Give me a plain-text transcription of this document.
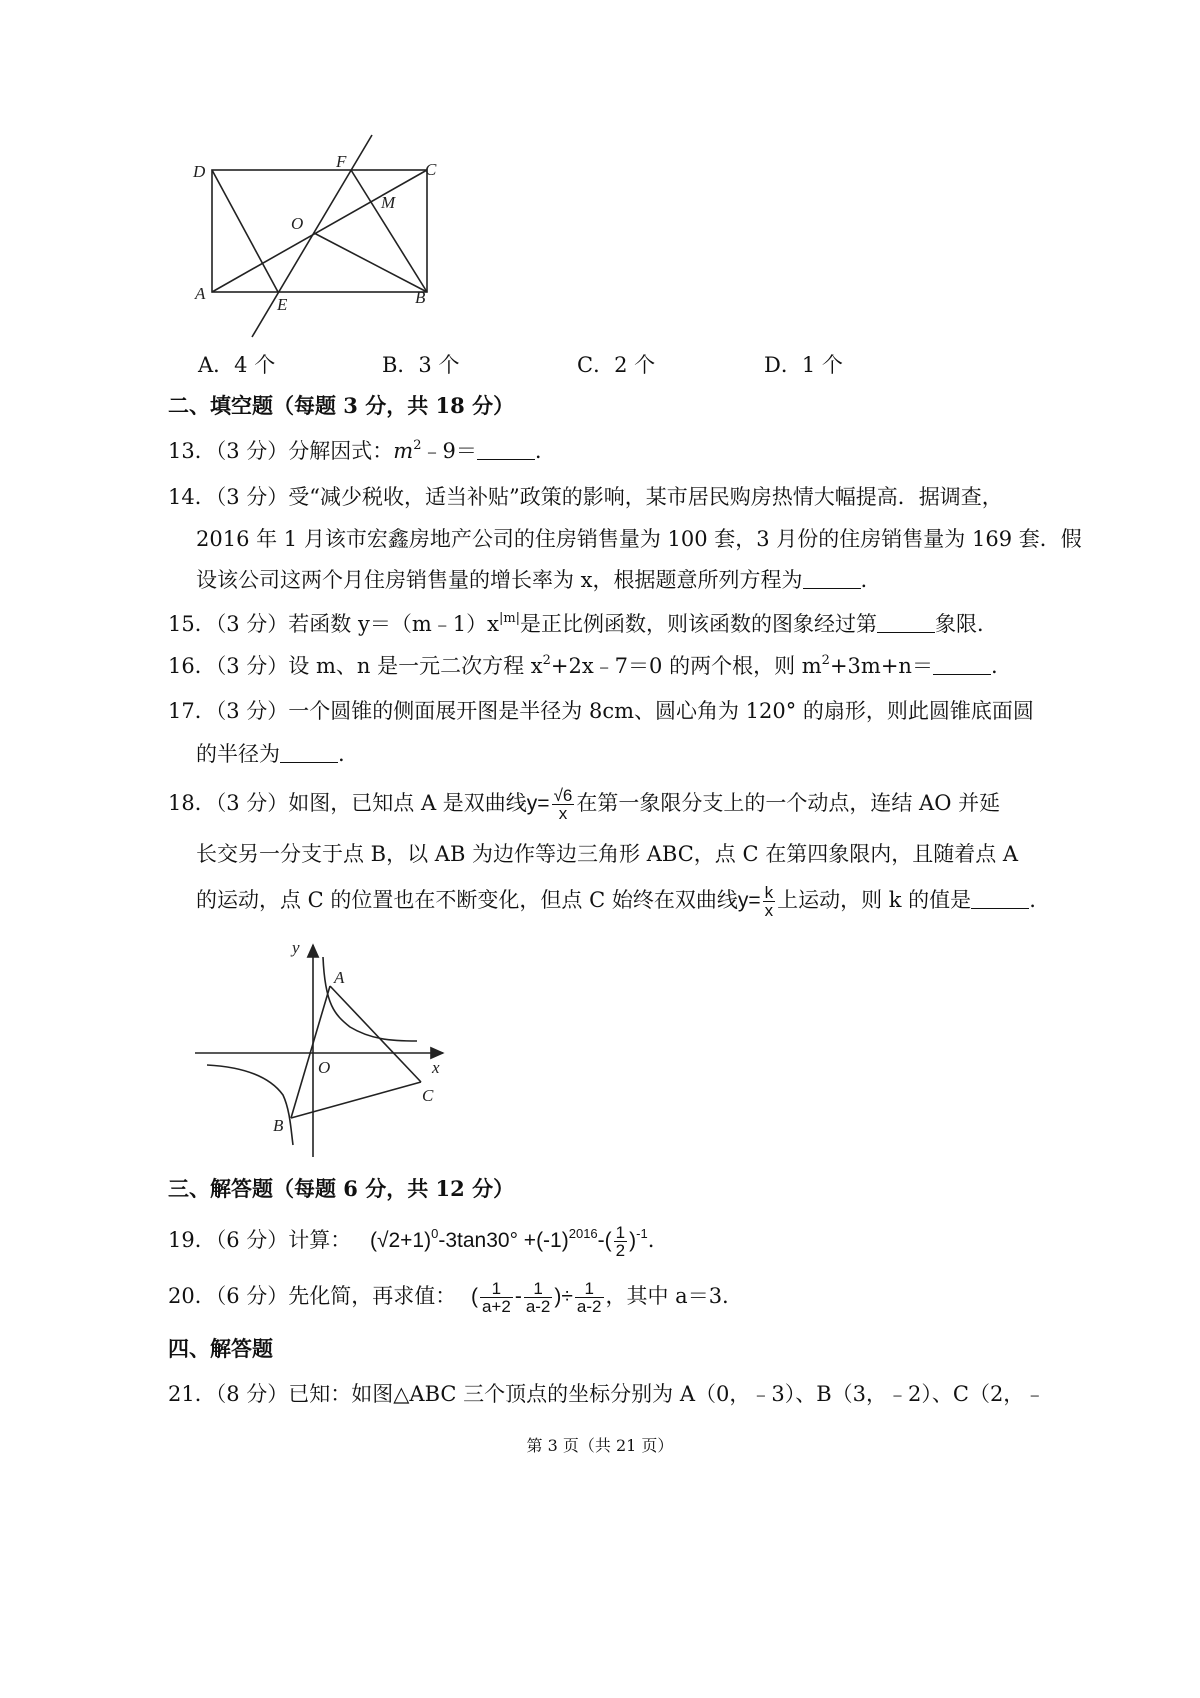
D
F	C
O
M
A
E	B
A．4 个	B．3 个	C．2 个	D．1 个
二、填空题（每题 3 分，共 18 分）
13．（3 分）分解因式：$m^2﹣9=$	.
14．（3 分）受“减少税收，适当补贴”政策的影响，某市居民购房热情大幅提高．据调查，
2016 年 1 月该市宏鑫房地产公司的住房销售量为 100 套，3 月份的住房销售量为 169 套．假
设该公司这两个月住房销售量的增长率为 x，根据题意所列方程为	.
15．（3 分）若函数 $y=(m﹣1)x^{|m|}$是正比例函数，则该函数的图象经过第	象限．
16．（3 分）设 m、n 是一元二次方程 $x^2+2x﹣7=0$ 的两个根，则 $m^2+3m+n=$	.
17．（3 分）一个圆锥的侧面展开图是半径为 8cm、圆心角为 120° 的扇形，则此圆锥底面圆
的半径为	.
18．（3 分）如图，已知点 A 是双曲线$y= \frac{√6}{x}$ 在第一象限分支上的一个动点，连结 AO 并延
长交另一分支于点 B，以 AB 为边作等边三角形 ABC，点 C 在第四象限内，且随着点 A
的运动，点 C 的位置也在不断变化，但点 C 始终在双曲线$y= \frac{k}{x}$ 上运动，则 k 的值是	.
y
x
A
O
B
C
三、解答题（每题 6 分，共 12 分）
19．（6 分）计算： $(√2+1)^0-3\tan 30^\circ +(-1)^{2016}-( \frac{1}{2} )^{-1}$.
20．（6 分）先化简，再求值： ( $\frac{1}{a+2} - \frac{1}{a-2}$ )÷ $\frac{1}{a-2}$ ，其中 a＝3.
四、解答题
21．（8 分）已知：如图△ABC 三个顶点的坐标分别为 A（0，﹣3）、B（3，﹣2）、C（2，﹣
第 3 页（共 21 页）
